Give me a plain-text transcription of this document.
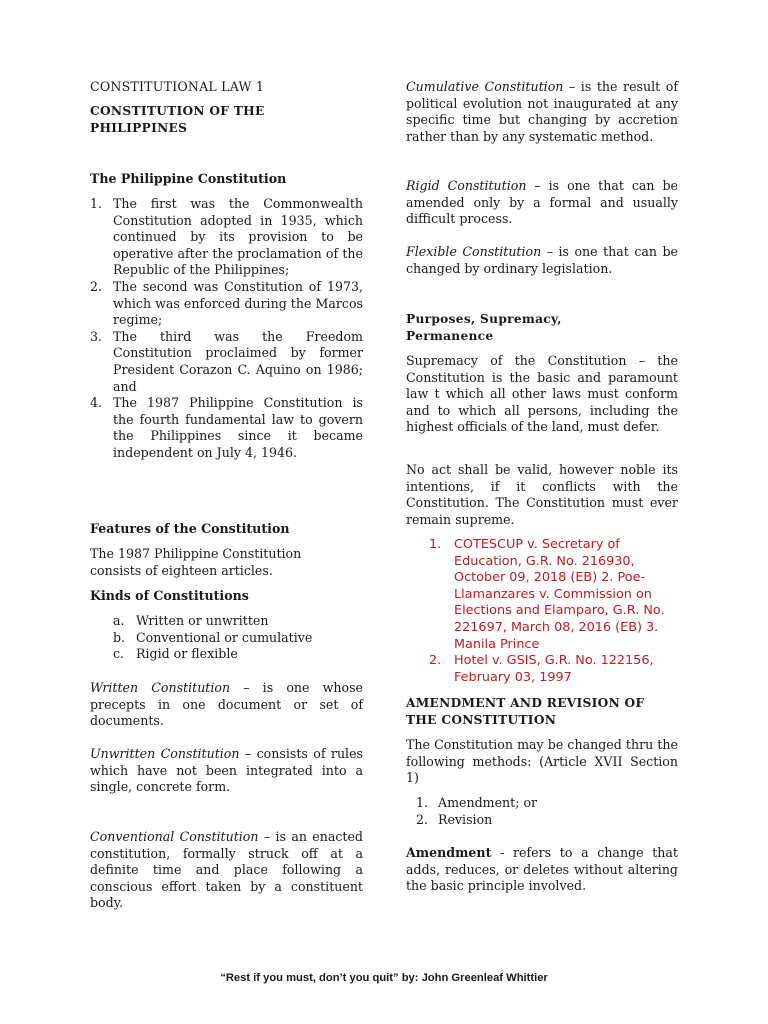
CONSTITUTIONAL LAW 1
CONSTITUTION OF THE PHILIPPINES
The Philippine Constitution
1. The first was the Commonwealth Constitution adopted in 1935, which continued by its provision to be operative after the proclamation of the Republic of the Philippines;
2. The second was Constitution of 1973, which was enforced during the Marcos regime;
3. The third was the Freedom Constitution proclaimed by former President Corazon C. Aquino on 1986; and
4. The 1987 Philippine Constitution is the fourth fundamental law to govern the Philippines since it became independent on July 4, 1946.
Features of the Constitution

The 1987 Philippine Constitution consists of eighteen articles.

Kinds of Constitutions
a. Written or unwritten
b. Conventional or cumulative
c. Rigid or flexible

Written Constitution – is one whose precepts in one document or set of documents.

Unwritten Constitution – consists of rules which have not been integrated into a single, concrete form.

Conventional Constitution – is an enacted constitution, formally struck off at a definite time and place following a conscious effort taken by a constituent body.

Cumulative Constitution – is the result of political evolution not inaugurated at any specific time but changing by accretion rather than by any systematic method.

Rigid Constitution – is one that can be amended only by a formal and usually difficult process.

Flexible Constitution – is one that can be changed by ordinary legislation.

Purposes, Supremacy, Permanence

Supremacy of the Constitution – the Constitution is the basic and paramount law t which all other laws must conform and to which all persons, including the highest officials of the land, must defer.

No act shall be valid, however noble its intentions, if it conflicts with the Constitution. The Constitution must ever remain supreme.

1. COTESCUP v. Secretary of Education, G.R. No. 216930, October 09, 2018 (EB) 2. Poe-Llamanzares v. Commission on Elections and Elamparo, G.R. No. 221697, March 08, 2016 (EB) 3. Manila Prince
2. Hotel v. GSIS, G.R. No. 122156, February 03, 1997
AMENDMENT AND REVISION OF THE CONSTITUTION

The Constitution may be changed thru the following methods: (Article XVII Section 1)

1. Amendment; or
2. Revision

Amendment - refers to a change that adds, reduces, or deletes without altering the basic principle involved.

“Rest if you must, don’t you quit” by: John Greenleaf Whittier
